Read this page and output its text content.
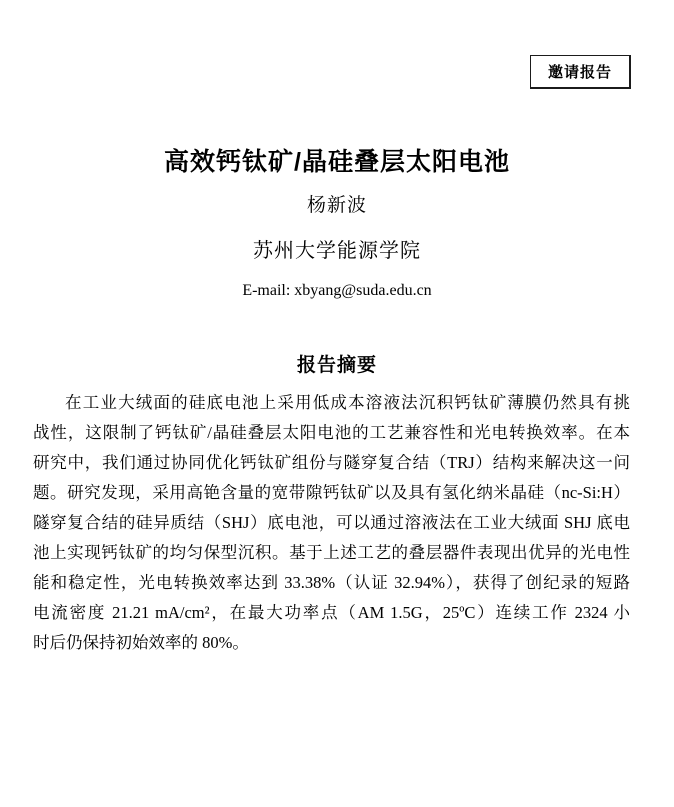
邀请报告
高效钙钛矿/晶硅叠层太阳电池
杨新波
苏州大学能源学院
E-mail: xbyang@suda.edu.cn
报告摘要
在工业大绒面的硅底电池上采用低成本溶液法沉积钙钛矿薄膜仍然具有挑
战性，这限制了钙钛矿/晶硅叠层太阳电池的工艺兼容性和光电转换效率。在本
研究中，我们通过协同优化钙钛矿组份与隧穿复合结（TRJ）结构来解决这一问
题。研究发现，采用高铯含量的宽带隙钙钛矿以及具有氢化纳米晶硅（nc-Si:H）
隧穿复合结的硅异质结（SHJ）底电池，可以通过溶液法在工业大绒面 SHJ 底电
池上实现钙钛矿的均匀保型沉积。基于上述工艺的叠层器件表现出优异的光电性
能和稳定性，光电转换效率达到 33.38%（认证 32.94%），获得了创纪录的短路
电流密度 21.21 mA/cm²，在最大功率点（AM 1.5G，25ºC）连续工作 2324 小
时后仍保持初始效率的 80%。
